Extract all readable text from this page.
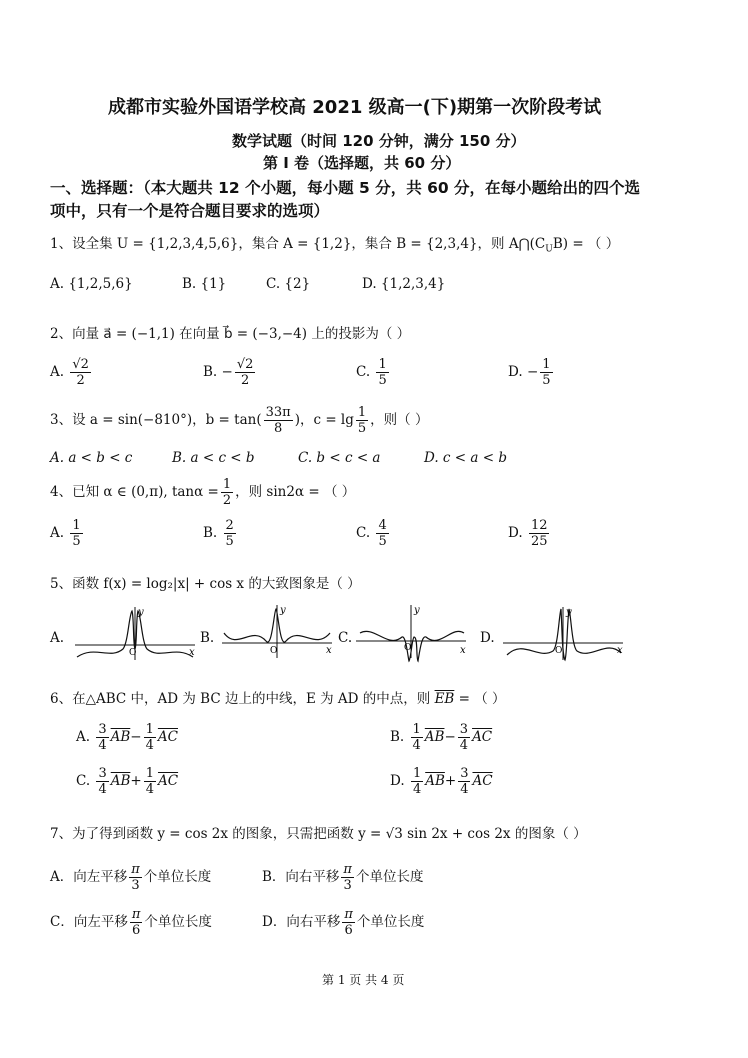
成都市实验外国语学校高 2021 级高一(下)期第一次阶段考试
数学试题（时间 120 分钟，满分 150 分）
第 I 卷（选择题，共 60 分）
一、选择题：（本大题共 12 个小题，每小题 5 分，共 60 分，在每小题给出的四个选
项中，只有一个是符合题目要求的选项）
1、设全集 U = {1,2,3,4,5,6}，集合 A = {1,2}，集合 B = {2,3,4}，则 $A⋂(C_UB)$ = （ ）
A. {1,2,5,6}	B. {1}	C. {2}	D. {1,2,3,4}
2、向量 a⃗ = (−1,1) 在向量 b⃗ = (−3,−4) 上的投影为（ ）
A. $\frac{√2}{2}$	B. − $\frac{√2}{2}$	C. $\frac{1}{5}$	D. − $\frac{1}{5}$
3、设 a = sin(−810°)，$b = \tan( \frac{33\pi}{8}$ )，$c = \lg \frac{1}{5}$ ，则（ ）
A. a < b < c	B. a < c < b	C. b < c < a	D. c < a < b
4、已知 α ∈ (0,π), $\tan\alpha = \frac{1}{2}$ ，则 sin2α = （ ）
A. $\frac{1}{5}$	B. $\frac{2}{5}$	C. $\frac{4}{5}$	D. $\frac{12}{25}$
5、函数 f(x) = log₂|x| + cos x 的大致图象是（ ）
A.
y
x
O
B.
y
x
O
C.
y
x
O
D.
y
x
O
6、在△ABC 中，AD 为 BC 边上的中线，E 为 AD 的中点，则 $\overline{EB}$ = （ ）
A. $\frac{3}{4} \overline{AB}- \frac{1}{4} \overline{AC}$	B. $\frac{1}{4} \overline{AB}- \frac{3}{4} \overline{AC}$
C. $\frac{3}{4} \overline{AB}+ \frac{1}{4} \overline{AC}$	D. $\frac{1}{4} \overline{AB}+ \frac{3}{4} \overline{AC}$
7、为了得到函数 y = cos 2x 的图象，只需把函数 y = √3 sin 2x + cos 2x 的图象（ ）
A．向左平移 $\frac{\pi}{3}$ 个单位长度	B．向右平移 $\frac{\pi}{3}$ 个单位长度
C．向左平移 $\frac{\pi}{6}$ 个单位长度	D．向右平移 $\frac{\pi}{6}$ 个单位长度
第 1 页 共 4 页
